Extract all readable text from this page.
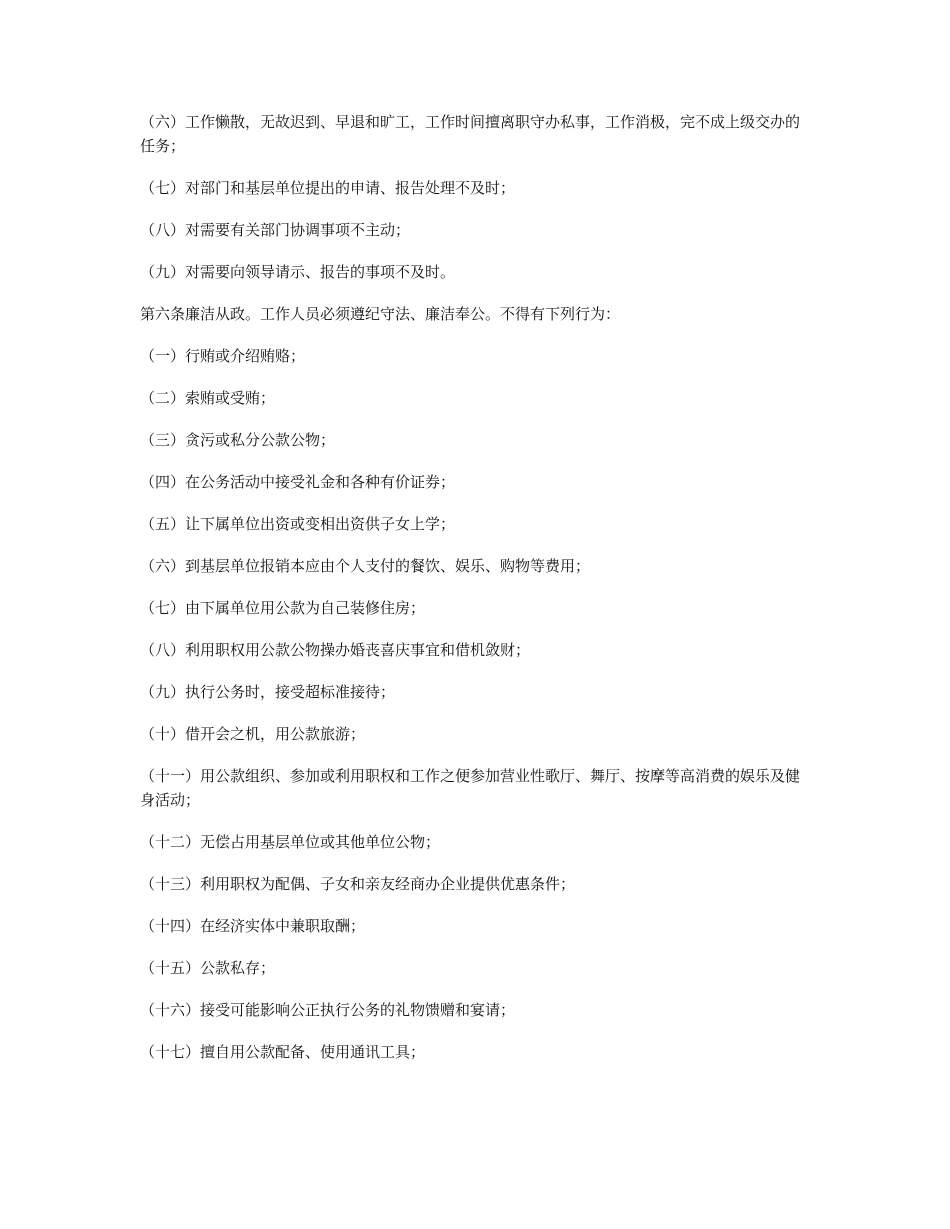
（六）工作懒散，无故迟到、早退和旷工，工作时间擅离职守办私事，工作消极，完不成上级交办的任务；

（七）对部门和基层单位提出的申请、报告处理不及时；

（八）对需要有关部门协调事项不主动；

（九）对需要向领导请示、报告的事项不及时。

第六条廉洁从政。工作人员必须遵纪守法、廉洁奉公。不得有下列行为：

（一）行贿或介绍贿赂；

（二）索贿或受贿；

（三）贪污或私分公款公物；

（四）在公务活动中接受礼金和各种有价证券；

（五）让下属单位出资或变相出资供子女上学；

（六）到基层单位报销本应由个人支付的餐饮、娱乐、购物等费用；

（七）由下属单位用公款为自己装修住房；

（八）利用职权用公款公物操办婚丧喜庆事宜和借机敛财；

（九）执行公务时，接受超标准接待；

（十）借开会之机，用公款旅游；

（十一）用公款组织、参加或利用职权和工作之便参加营业性歌厅、舞厅、按摩等高消费的娱乐及健身活动；

（十二）无偿占用基层单位或其他单位公物；

（十三）利用职权为配偶、子女和亲友经商办企业提供优惠条件；

（十四）在经济实体中兼职取酬；

（十五）公款私存；

（十六）接受可能影响公正执行公务的礼物馈赠和宴请；

（十七）擅自用公款配备、使用通讯工具；
